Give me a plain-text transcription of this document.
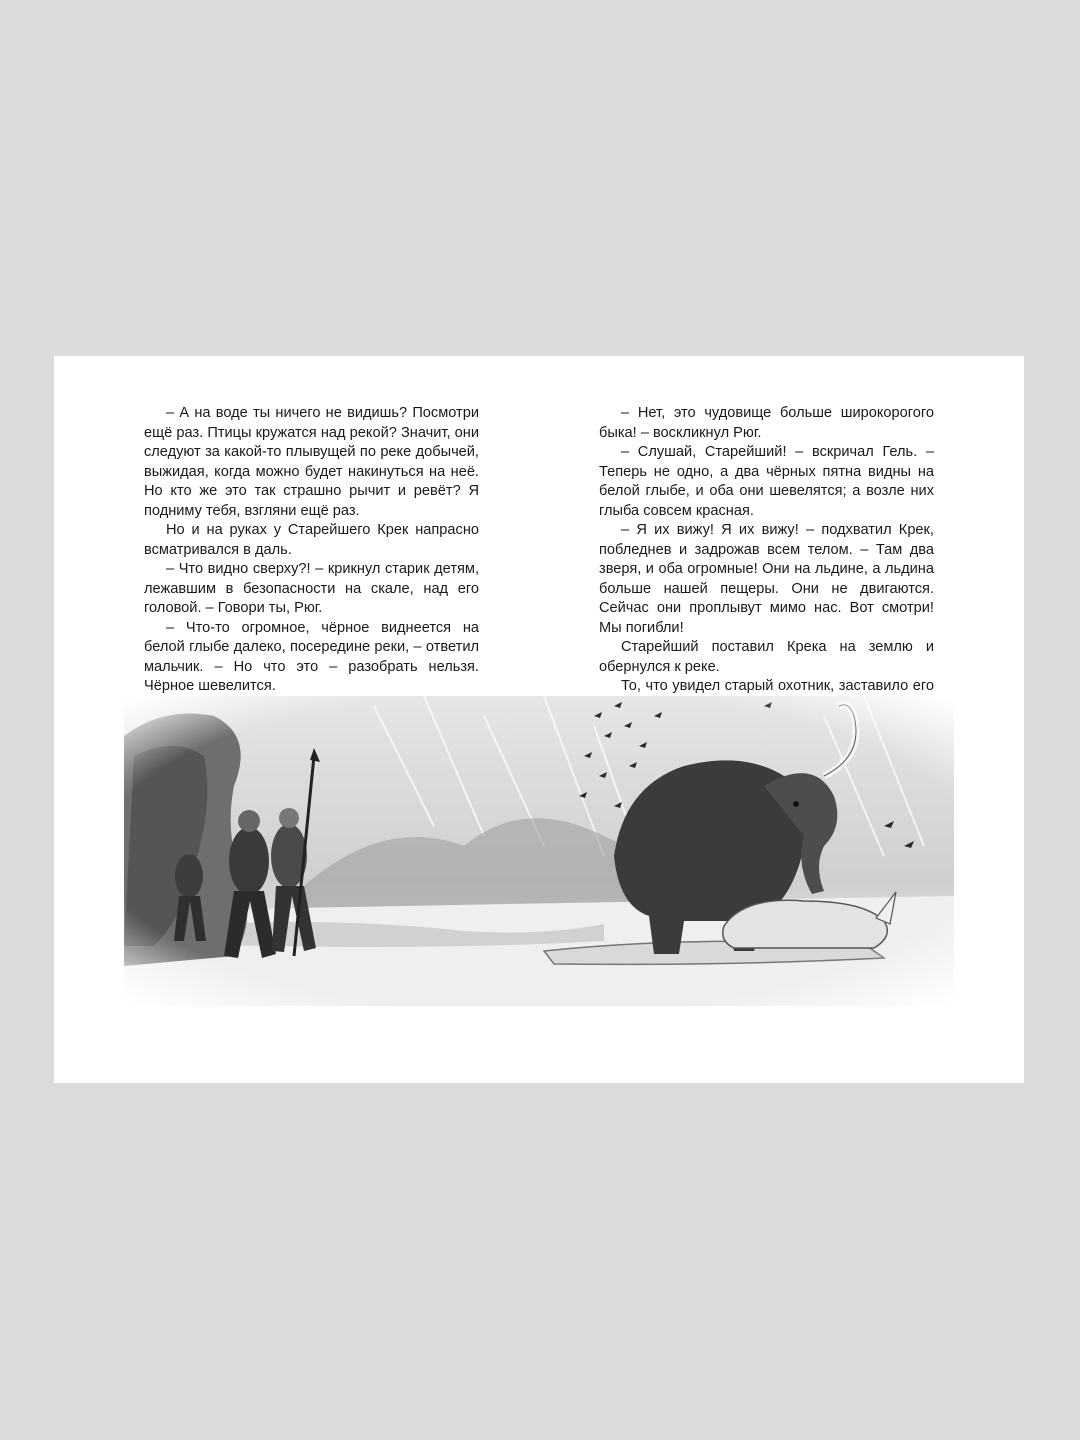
– А на воде ты ничего не видишь? Посмотри ещё раз. Птицы кружатся над рекой? Значит, они следуют за какой-то плывущей по реке добычей, выжидая, когда можно будет накинуться на неё. Но кто же это так страшно рычит и ревёт? Я подниму тебя, взгляни ещё раз.

Но и на руках у Старейшего Крек напрасно всматривался в даль.

– Что видно сверху?! – крикнул старик детям, лежавшим в безопасности на скале, над его головой. – Говори ты, Рюг.

– Что-то огромное, чёрное виднеется на белой глыбе далеко, посередине реки, – ответил мальчик. – Но что это – разобрать нельзя. Чёрное шевелится.

– Нет, это чудовище больше широкорогого быка! – воскликнул Рюг.

– Слушай, Старейший! – вскричал Гель. – Теперь не одно, а два чёрных пятна видны на белой глыбе, и оба они шевелятся; а возле них глыба совсем красная.

– Я их вижу! Я их вижу! – подхватил Крек, побледнев и задрожав всем телом. – Там два зверя, и оба огромные! Они на льдине, а льдина больше нашей пещеры. Они не двигаются. Сейчас они проплывут мимо нас. Вот смотри! Мы погибли!

Старейший поставил Крека на землю и обернулся к реке.

То, что увидел старый охотник, заставило его
